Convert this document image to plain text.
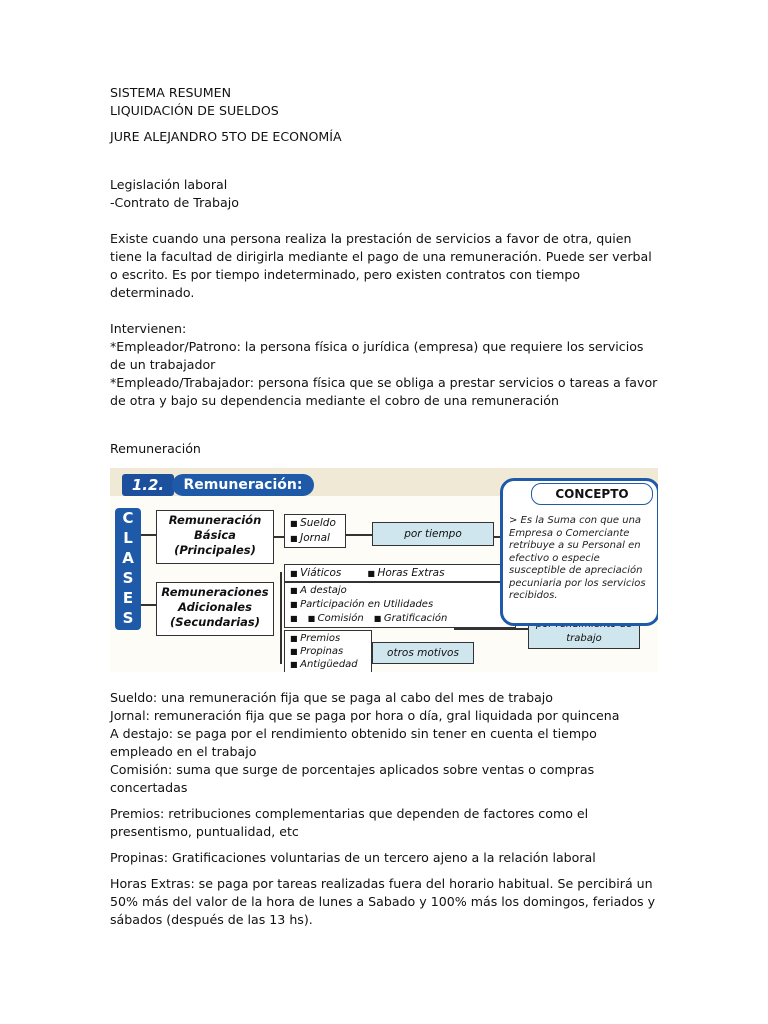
SISTEMA RESUMEN

LIQUIDACIÓN DE SUELDOS

JURE ALEJANDRO 5TO DE ECONOMÍA

Legislación laboral

-Contrato de Trabajo

Existe cuando una persona realiza la prestación de servicios a favor de otra, quien tiene la facultad de dirigirla mediante el pago de una remuneración. Puede ser verbal o escrito. Es por tiempo indeterminado, pero existen contratos con tiempo determinado.

Intervienen:

*Empleador/Patrono: la persona física o jurídica (empresa) que requiere los servicios de un trabajador

*Empleado/Trabajador: persona física que se obliga a prestar servicios o tareas a favor de otra y bajo su dependencia mediante el cobro de una remuneración

Remuneración

1.2.	Remuneración:
C
L
A
S
E
S
Remuneración Básica (Principales)
Remuneraciones Adicionales (Secundarias)
■ Sueldo
■ Jornal	por tiempo
■ Viáticos	■ Horas Extras
■ A destajo
■ Participación en Utilidades
■ ■ Comisión	■ Gratificación
trabajo
■ Premios
■ Propinas
■ Antigüedad
otros motivos
CONCEPTO
> Es la Suma con que una Empresa o Comerciante retribuye a su Personal en efectivo o especie susceptible de apreciación pecuniaria por los servicios recibidos.

Sueldo: una remuneración fija que se paga al cabo del mes de trabajo

Jornal: remuneración fija que se paga por hora o día, gral liquidada por quincena

A destajo: se paga por el rendimiento obtenido sin tener en cuenta el tiempo empleado en el trabajo

Comisión: suma que surge de porcentajes aplicados sobre ventas o compras concertadas

Premios: retribuciones complementarias que dependen de factores como el presentismo, puntualidad, etc

Propinas: Gratificaciones voluntarias de un tercero ajeno a la relación laboral

Horas Extras: se paga por tareas realizadas fuera del horario habitual. Se percibirá un 50% más del valor de la hora de lunes a Sabado y 100% más los domingos, feriados y sábados (después de las 13 hs).
